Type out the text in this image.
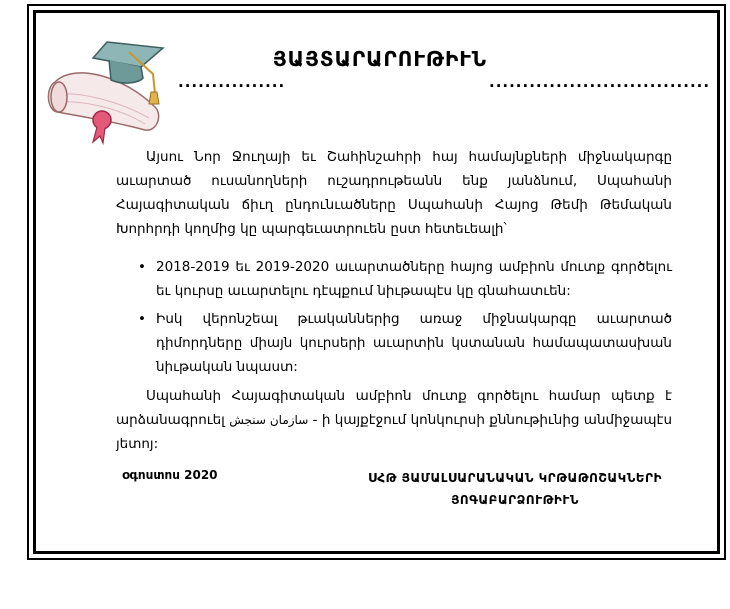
ՅԱՅՏԱՐԱՐՈՒԹԻՒՆ
................	.................................
Այսու Նոր Ջուղայի եւ Շահինշահրի հայ համայնքների միջնակարգը աւարտած ուսանողների ուշադրութեանն ենք յանձնում, Սպահանի Հայագիտական ճիւղ ընդունւածները Սպահանի Հայոց Թեմի Թեմական Խորհրդի կողմից կը պարգեւատրուեն ըստ հետեւեալի՝
• 2018-2019 եւ 2019-2020 աւարտածները հայոց ամբիոն մուտք գործելու եւ կուրսը աւարտելու դէպքում նիւթապէս կը գնահատւեն:
• Իսկ վերոնշեալ թւականներից առաջ միջնակարգը աւարտած դիմորդները միայն կուրսերի աւարտին կստանան համապատասխան նիւթական նպաստ:
Սպահանի Հայագիտական ամբիոն մուտք գործելու համար պետք է արձանագրուել سازمان سنجش - ի կայքէջում կոնկուրսի քննութիւնից անմիջապէս յետոյ:
օգոստոս 2020	ՍՀԹ ՅԱՄԱԼՍԱՐԱՆԱԿԱՆ ԿՐԹԱԹՈՇԱԿՆԵՐԻ
ՅՈԳԱԲԱՐՁՈՒԹԻՒՆ
